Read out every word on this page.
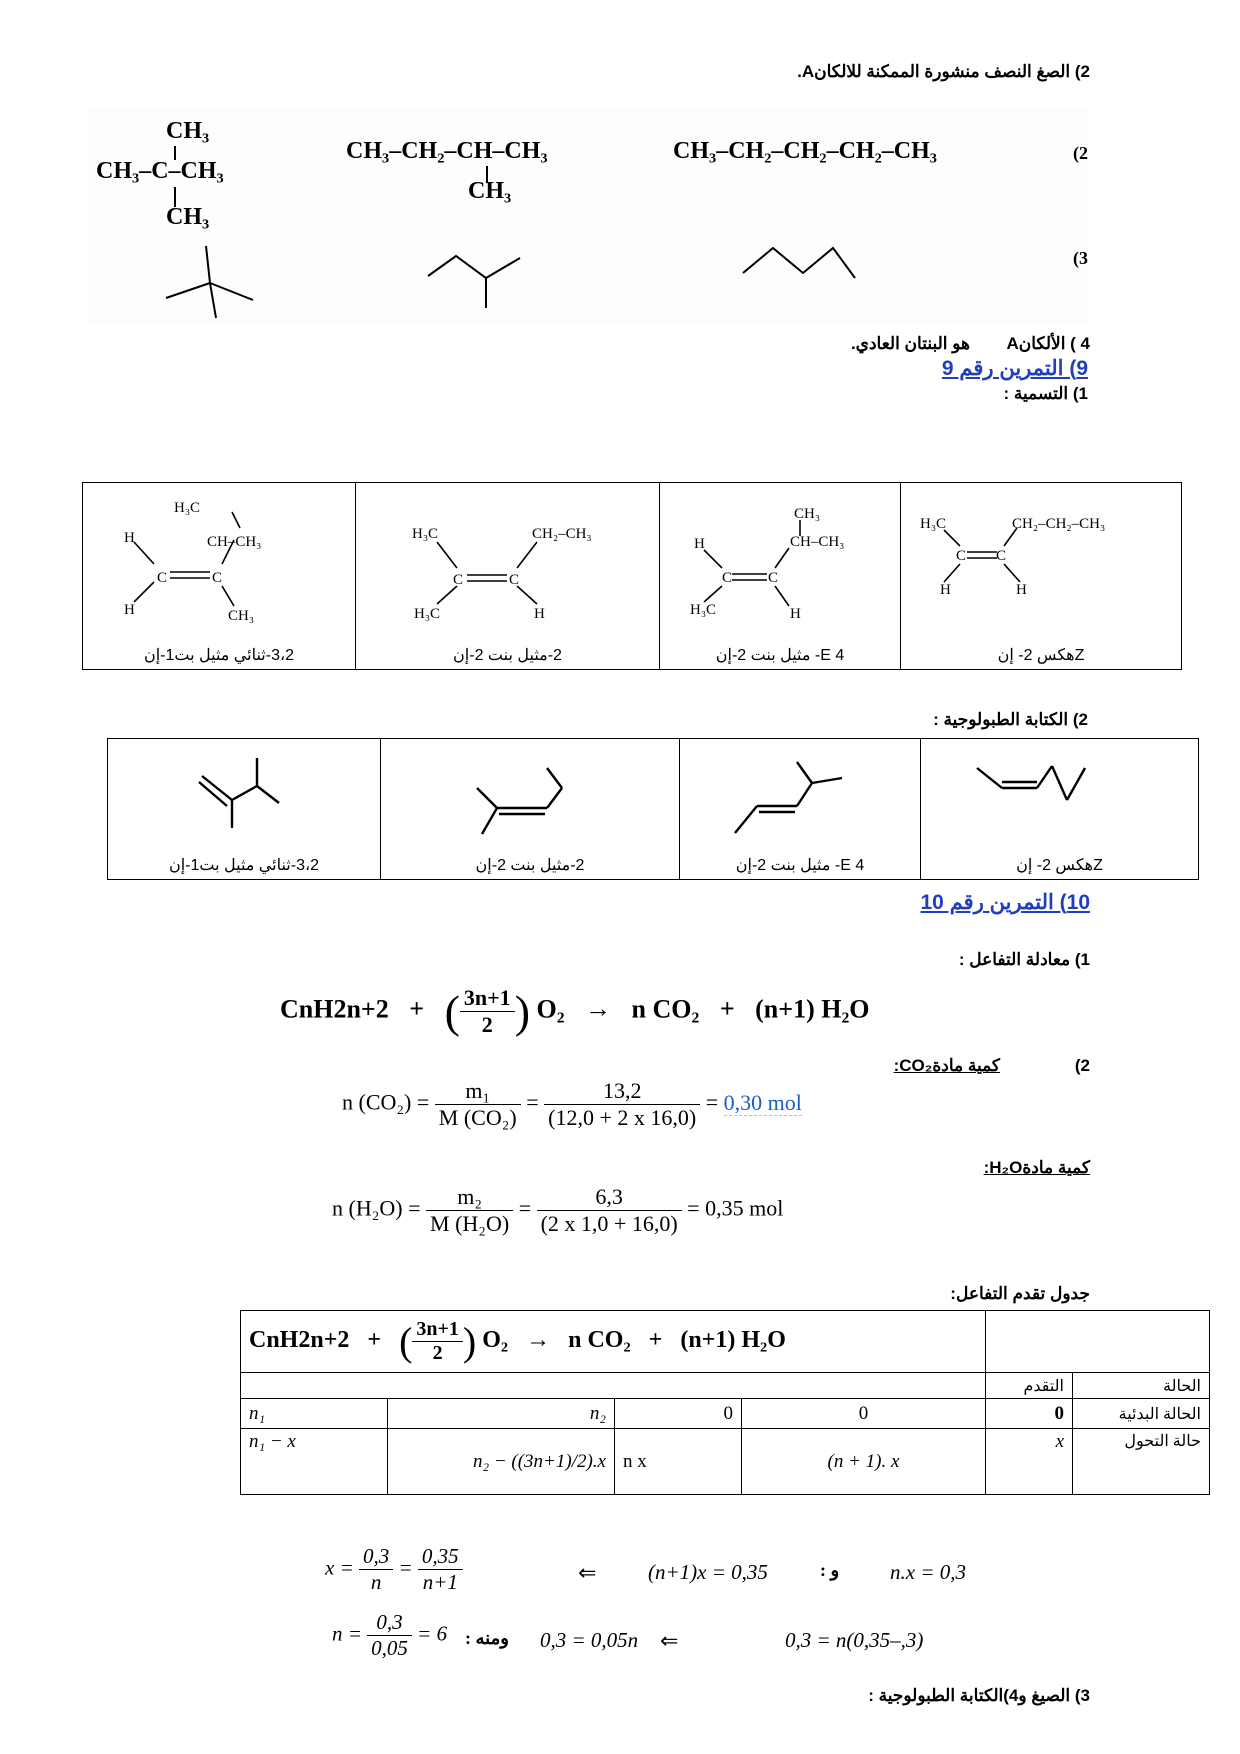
2) الصغ النصف منشورة الممكنة للالكانA.
(2
(3
CH₃–CH₂–CH₂–CH₂–CH₃
CH₃–CH₂–CH–CH₃
CH₃
CH₃
CH₃–C–CH₃
CH₃
4 ) الألكانA
هو البنتان العادي.
9) التمرين رقم 9
1) التسمية :
3،2-ثنائي مثيل بت1-إن	2-مثيل بنت 2-إن	E 4- مثيل بنت 2-إن	Zهكس 2- إن
H₃C
CH–CH₃
H
C	C
H	CH₃
H₃C	CH₂–CH₃
C	C
H₃C	H
CH₃
CH–CH₃
H
C C
H₃C	H
H₃C	CH₂–CH₂–CH₃
C C
H	H
2) الكتابة الطبولوجية :
3،2-ثنائي مثيل بت1-إن	2-مثيل بنت 2-إن	E 4- مثيل بنت 2-إن	Zهكس 2- إن
10) التمرين رقم 10
1) معادلة التفاعل :
CnH2n+2 + ( $\frac{3n+1}{2}$ ) O₂ → n CO₂ + (n+1) H₂O
2)
كمية مادةCO₂:
n $(CO_2) = \frac{\text{m₁}}{\text{M (CO₂)}} = \frac{13,2}{(12,0 + 2 x 16,0)} = 0,30$ mol
كمية مادةH₂O:
n $(H_2O) = \frac{\text{m₂}}{\text{M (H₂O)}} = \frac{6,3}{(2 x 1,0 + 16,0)} = 0,35$ mol
جدول تقدم التفاعل:
CnH2n+2 + ( $\frac{3n+1}{2}$ ) O₂ → n CO₂ + (n+1) H₂O					
				التقدم	الحالة
n₁	n₂	0	0	0	الحالة البدئية
n₁ − x	n₂ − ((3n+1)/2).x	n x	(n + 1). x	x	حالة التحول
$x = \frac{0,3}{n} = \frac{0,35}{n+1}$	⇐ (n+1)x = 0,35	و : n.x = 0,3
$n = \frac{0,3}{0,05} = 6$ ومنه : 0,3 = 0,05n ⇐	0,3 = n(0,35–,3)
3) الصيغ و4)الكتابة الطبولوجية :
